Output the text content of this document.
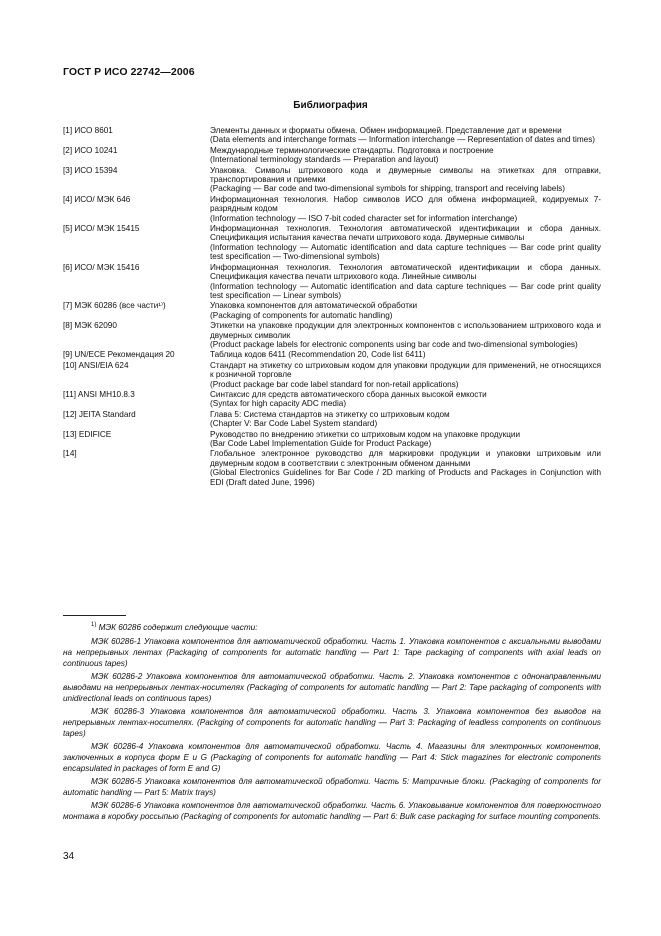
ГОСТ Р ИСО 22742—2006
Библиография
[1] ИСО 8601	Элементы данных и форматы обмена. Обмен информацией. Представление дат и времени
(Data elements and interchange formats — Information interchange — Representation of dates and times)
[2] ИСО 10241	Международные терминологические стандарты. Подготовка и построение
(International terminology standards — Preparation and layout)
[3] ИСО 15394	Упаковка. Символы штрихового кода и двумерные символы на этикетках для отправки, транспортирования и приемки
(Packaging — Bar code and two-dimensional symbols for shipping, transport and receiving labels)
[4] ИСО/ МЭК 646	Информационная технология. Набор символов ИСО для обмена информацией, кодируемых 7-разрядным кодом
(Information technology — ISO 7-bit coded character set for information interchange)
[5] ИСО/ МЭК 15415	Информационная технология. Технология автоматической идентификации и сбора данных. Спецификация испытания качества печати штрихового кода. Двумерные символы
(Information technology — Automatic identification and data capture techniques — Bar code print quality test specification — Two-dimensional symbols)
[6] ИСО/ МЭК 15416	Информационная технология. Технология автоматической идентификации и сбора данных. Спецификация качества печати штрихового кода. Линейные символы
(Information technology — Automatic identification and data capture techniques — Bar code print quality test specification — Linear symbols)
[7] МЭК 60286 (все части¹⁾)	Упаковка компонентов для автоматической обработки
(Packaging of components for automatic handling)
[8] МЭК 62090	Этикетки на упаковке продукции для электронных компонентов с использованием штрихового кода и двумерных символик
(Product package labels for electronic components using bar code and two-dimensional symbologies)
[9] UN/ECE Рекомендация 20	Таблица кодов 6411 (Recommendation 20, Code list 6411)
[10] ANSI/EIA 624	Стандарт на этикетку со штриховым кодом для упаковки продукции для применений, не относящихся к розничной торговле
(Product package bar code label standard for non-retail applications)
[11] ANSI MH10.8.3	Синтаксис для средств автоматического сбора данных высокой емкости
(Syntax for high capacity ADC media)
[12] JEITA Standard	Глава 5: Система стандартов на этикетку со штриховым кодом
(Chapter V: Bar Code Label System standard)
[13] EDIFICE	Руководство по внедрению этикетки со штриховым кодом на упаковке продукции
(Bar Code Label Implementation Guide for Product Package)
[14]	Глобальное электронное руководство для маркировки продукции и упаковки штриховым или двумерным кодом в соответствии с электронным обменом данными
(Global Electronics Guidelines for Bar Code / 2D marking of Products and Packages in Conjunction with EDI (Draft dated June, 1996)
$^{1)}$ МЭК 60286 содержит следующие части:
МЭК 60286-1 Упаковка компонентов для автоматической обработки. Часть 1. Упаковка компонентов с аксиальными выводами на непрерывных лентах (Packaging of components for automatic handling — Part 1: Tape packaging of components with axial leads on continuous tapes)
МЭК 60286-2 Упаковка компонентов для автоматической обработки. Часть 2. Упаковка компонентов с однонаправленными выводами на непрерывных лентах-носителях (Packaging of components for automatic handling — Part 2: Tape packaging of components with unidirectional leads on continuous tapes)
МЭК 60286-3 Упаковка компонентов для автоматической обработки. Часть 3. Упаковка компонентов без выводов на непрерывных лентах-носителях. (Packging of components for automatic handling — Part 3: Packaging of leadless components on continuous tapes)
МЭК 60286-4 Упаковка компонентов для автоматической обработки. Часть 4. Магазины для электронных компонентов, заключенных в корпуса форм E и G (Packaging of components for automatic handling — Part 4: Stick magazines for electronic components encapsulated in packages of form E and G)
МЭК 60286-5 Упаковка компонентов для автоматической обработки. Часть 5: Матричные блоки. (Packaging of components for automatic handling — Part 5: Matrix trays)
МЭК 60286-6 Упаковка компонентов для автоматической обработки. Часть 6. Упаковывание компонентов для поверхностного монтажа в коробку россыпью (Packaging of components for automatic handling — Part 6: Bulk case packaging for surface mounting components.
34
